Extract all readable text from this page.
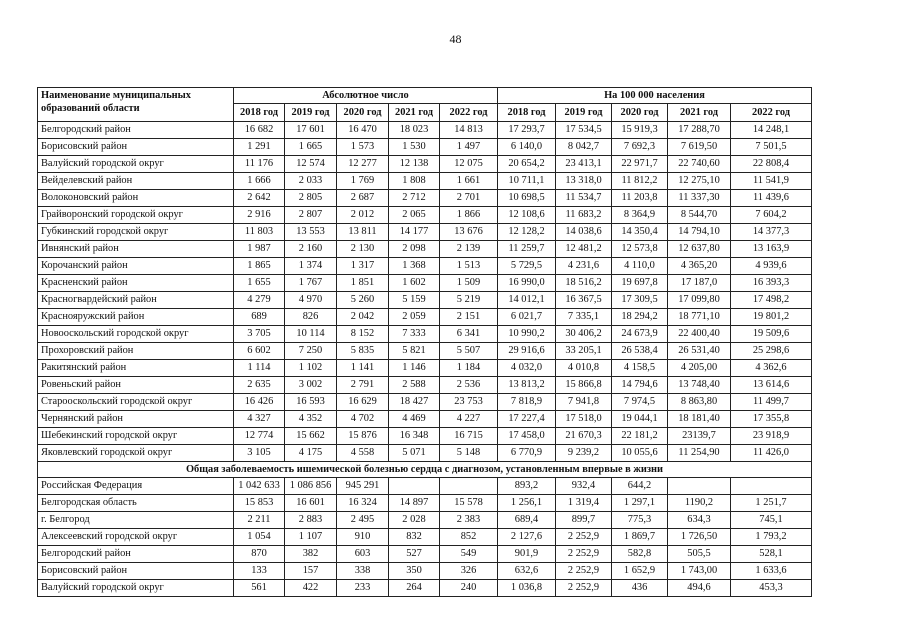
48
Наименование муниципальных образований области	Абсолютное число					На 100 000 населения				
	2018 год	2019 год	2020 год	2021 год	2022 год	2018 год	2019 год	2020 год	2021 год	2022 год
Белгородский район	16 682	17 601	16 470	18 023	14 813	17 293,7	17 534,5	15 919,3	17 288,70	14 248,1
Борисовский район	1 291	1 665	1 573	1 530	1 497	6 140,0	8 042,7	7 692,3	7 619,50	7 501,5
Валуйский городской округ	11 176	12 574	12 277	12 138	12 075	20 654,2	23 413,1	22 971,7	22 740,60	22 808,4
Вейделевский район	1 666	2 033	1 769	1 808	1 661	10 711,1	13 318,0	11 812,2	12 275,10	11 541,9
Волоконовский район	2 642	2 805	2 687	2 712	2 701	10 698,5	11 534,7	11 203,8	11 337,30	11 439,6
Грайворонский городской округ	2 916	2 807	2 012	2 065	1 866	12 108,6	11 683,2	8 364,9	8 544,70	7 604,2
Губкинский городской округ	11 803	13 553	13 811	14 177	13 676	12 128,2	14 038,6	14 350,4	14 794,10	14 377,3
Ивнянский район	1 987	2 160	2 130	2 098	2 139	11 259,7	12 481,2	12 573,8	12 637,80	13 163,9
Корочанский район	1 865	1 374	1 317	1 368	1 513	5 729,5	4 231,6	4 110,0	4 365,20	4 939,6
Красненский район	1 655	1 767	1 851	1 602	1 509	16 990,0	18 516,2	19 697,8	17 187,0	16 393,3
Красногвардейский район	4 279	4 970	5 260	5 159	5 219	14 012,1	16 367,5	17 309,5	17 099,80	17 498,2
Краснояружский район	689	826	2 042	2 059	2 151	6 021,7	7 335,1	18 294,2	18 771,10	19 801,2
Новооскольский городской округ	3 705	10 114	8 152	7 333	6 341	10 990,2	30 406,2	24 673,9	22 400,40	19 509,6
Прохоровский район	6 602	7 250	5 835	5 821	5 507	29 916,6	33 205,1	26 538,4	26 531,40	25 298,6
Ракитянский район	1 114	1 102	1 141	1 146	1 184	4 032,0	4 010,8	4 158,5	4 205,00	4 362,6
Ровеньский район	2 635	3 002	2 791	2 588	2 536	13 813,2	15 866,8	14 794,6	13 748,40	13 614,6
Старооскольский городской округ	16 426	16 593	16 629	18 427	23 753	7 818,9	7 941,8	7 974,5	8 863,80	11 499,7
Чернянский район	4 327	4 352	4 702	4 469	4 227	17 227,4	17 518,0	19 044,1	18 181,40	17 355,8
Шебекинский городской округ	12 774	15 662	15 876	16 348	16 715	17 458,0	21 670,3	22 181,2	23139,7	23 918,9
Яковлевский городской округ	3 105	4 175	4 558	5 071	5 148	6 770,9	9 239,2	10 055,6	11 254,90	11 426,0
Общая заболеваемость ишемической болезнью сердца с диагнозом, установленным впервые в жизни										
Российская Федерация	1 042 633	1 086 856	945 291			893,2	932,4	644,2		
Белгородская область	15 853	16 601	16 324	14 897	15 578	1 256,1	1 319,4	1 297,1	1190,2	1 251,7
г. Белгород	2 211	2 883	2 495	2 028	2 383	689,4	899,7	775,3	634,3	745,1
Алексеевский городской округ	1 054	1 107	910	832	852	2 127,6	2 252,9	1 869,7	1 726,50	1 793,2
Белгородский район	870	382	603	527	549	901,9	2 252,9	582,8	505,5	528,1
Борисовский район	133	157	338	350	326	632,6	2 252,9	1 652,9	1 743,00	1 633,6
Валуйский городской округ	561	422	233	264	240	1 036,8	2 252,9	436	494,6	453,3
